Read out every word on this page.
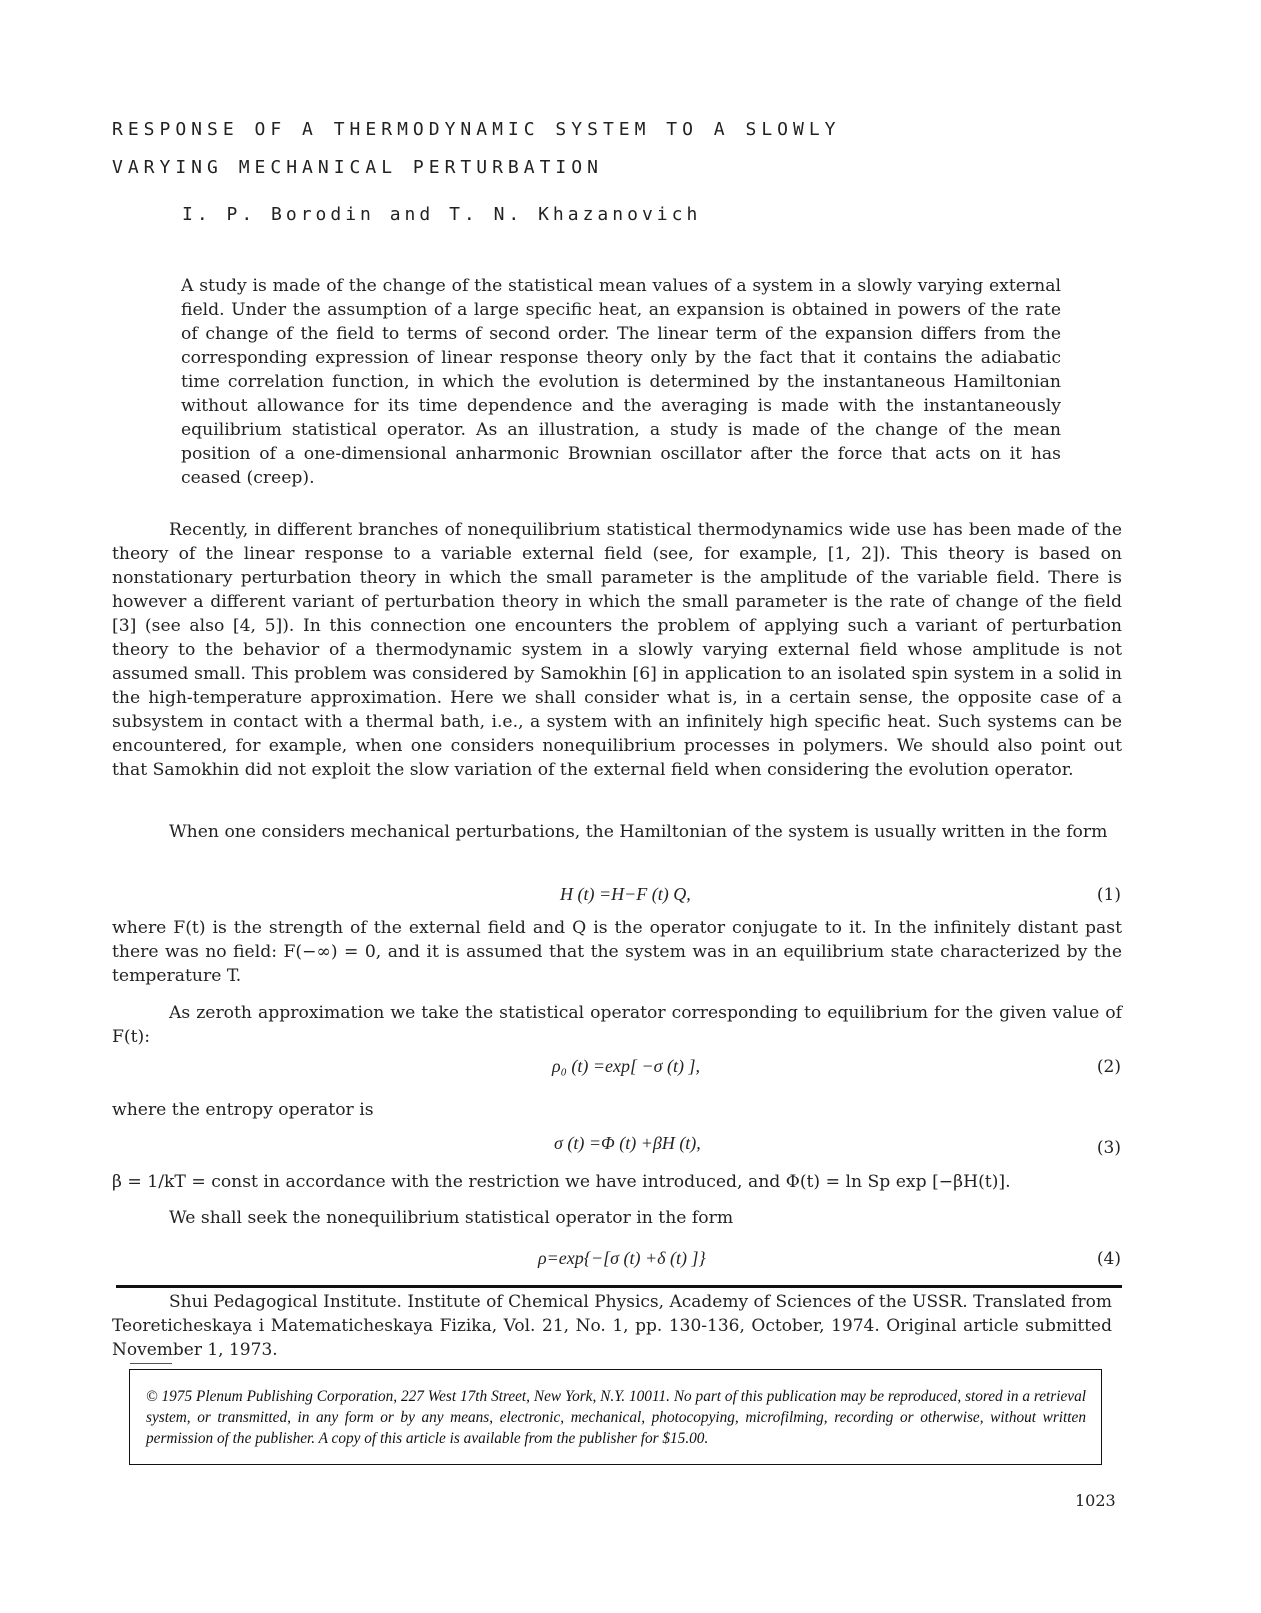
RESPONSE OF A THERMODYNAMIC SYSTEM TO A SLOWLY
VARYING MECHANICAL PERTURBATION
I. P. Borodin and T. N. Khazanovich
A study is made of the change of the statistical mean values of a system in a slowly varying external field. Under the assumption of a large specific heat, an expansion is obtained in powers of the rate of change of the field to terms of second order. The linear term of the expansion differs from the corresponding expression of linear response theory only by the fact that it contains the adiabatic time correlation function, in which the evolution is determined by the instantaneous Hamiltonian without allowance for its time dependence and the averaging is made with the instantaneously equilibrium statistical operator. As an illustration, a study is made of the change of the mean position of a one-dimensional anharmonic Brownian oscillator after the force that acts on it has ceased (creep).

Recently, in different branches of nonequilibrium statistical thermodynamics wide use has been made of the theory of the linear response to a variable external field (see, for example, [1, 2]). This theory is based on nonstationary perturbation theory in which the small parameter is the amplitude of the variable field. There is however a different variant of perturbation theory in which the small parameter is the rate of change of the field [3] (see also [4, 5]). In this connection one encounters the problem of applying such a variant of perturbation theory to the behavior of a thermodynamic system in a slowly varying external field whose amplitude is not assumed small. This problem was considered by Samokhin [6] in application to an isolated spin system in a solid in the high-temperature approximation. Here we shall consider what is, in a certain sense, the opposite case of a subsystem in contact with a thermal bath, i.e., a system with an infinitely high specific heat. Such systems can be encountered, for example, when one considers nonequilibrium processes in polymers. We should also point out that Samokhin did not exploit the slow variation of the external field when considering the evolution operator.

When one considers mechanical perturbations, the Hamiltonian of the system is usually written in the form

H (t) =H−F (t) Q,	(1)

where F(t) is the strength of the external field and Q is the operator conjugate to it. In the infinitely distant past there was no field: F(−∞) = 0, and it is assumed that the system was in an equilibrium state characterized by the temperature T.

As zeroth approximation we take the statistical operator corresponding to equilibrium for the given value of F(t):

ρ₀ (t) =exp[ −σ (t) ],	(2)

where the entropy operator is

σ (t) =Φ (t) +βH (t),	(3)

β = 1/kT = const in accordance with the restriction we have introduced, and Φ(t) = ln Sp exp [−βH(t)].

We shall seek the nonequilibrium statistical operator in the form

ρ=exp{−[σ (t) +δ (t) ]}	(4)

Shui Pedagogical Institute. Institute of Chemical Physics, Academy of Sciences of the USSR. Translated from Teoreticheskaya i Matematicheskaya Fizika, Vol. 21, No. 1, pp. 130-136, October, 1974. Original article submitted November 1, 1973.

© 1975 Plenum Publishing Corporation, 227 West 17th Street, New York, N.Y. 10011. No part of this publication may be reproduced, stored in a retrieval system, or transmitted, in any form or by any means, electronic, mechanical, photocopying, microfilming, recording or otherwise, without written permission of the publisher. A copy of this article is available from the publisher for $15.00.
1023
